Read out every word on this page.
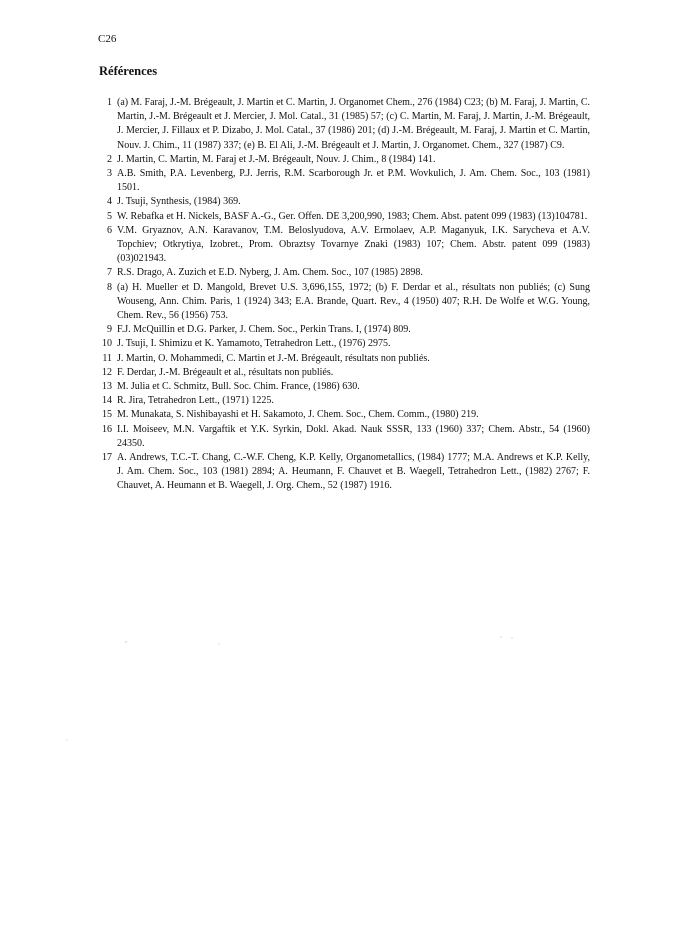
C26
Références
1 (a) M. Faraj, J.-M. Brégeault, J. Martin et C. Martin, J. Organomet Chem., 276 (1984) C23; (b) M. Faraj, J. Martin, C. Martin, J.-M. Brégeault et J. Mercier, J. Mol. Catal., 31 (1985) 57; (c) C. Martin, M. Faraj, J. Martin, J.-M. Brégeault, J. Mercier, J. Fillaux et P. Dizabo, J. Mol. Catal., 37 (1986) 201; (d) J.-M. Brégeault, M. Faraj, J. Martin et C. Martin, Nouv. J. Chim., 11 (1987) 337; (e) B. El Ali, J.-M. Brégeault et J. Martin, J. Organomet. Chem., 327 (1987) C9.
2 J. Martin, C. Martin, M. Faraj et J.-M. Brégeault, Nouv. J. Chim., 8 (1984) 141.
3 A.B. Smith, P.A. Levenberg, P.J. Jerris, R.M. Scarborough Jr. et P.M. Wovkulich, J. Am. Chem. Soc., 103 (1981) 1501.
4 J. Tsuji, Synthesis, (1984) 369.
5 W. Rebafka et H. Nickels, BASF A.-G., Ger. Offen. DE 3,200,990, 1983; Chem. Abst. patent 099 (1983) (13)104781.
6 V.M. Gryaznov, A.N. Karavanov, T.M. Beloslyudova, A.V. Ermolaev, A.P. Maganyuk, I.K. Sarycheva et A.V. Topchiev; Otkrytiya, Izobret., Prom. Obraztsy Tovarnye Znaki (1983) 107; Chem. Abstr. patent 099 (1983) (03)021943.
7 R.S. Drago, A. Zuzich et E.D. Nyberg, J. Am. Chem. Soc., 107 (1985) 2898.
8 (a) H. Mueller et D. Mangold, Brevet U.S. 3,696,155, 1972; (b) F. Derdar et al., résultats non publiés; (c) Sung Wouseng, Ann. Chim. Paris, 1 (1924) 343; E.A. Brande, Quart. Rev., 4 (1950) 407; R.H. De Wolfe et W.G. Young, Chem. Rev., 56 (1956) 753.
9 F.J. McQuillin et D.G. Parker, J. Chem. Soc., Perkin Trans. I, (1974) 809.
10 J. Tsuji, I. Shimizu et K. Yamamoto, Tetrahedron Lett., (1976) 2975.
11 J. Martin, O. Mohammedi, C. Martin et J.-M. Brégeault, résultats non publiés.
12 F. Derdar, J.-M. Brégeault et al., résultats non publiés.
13 M. Julia et C. Schmitz, Bull. Soc. Chim. France, (1986) 630.
14 R. Jira, Tetrahedron Lett., (1971) 1225.
15 M. Munakata, S. Nishibayashi et H. Sakamoto, J. Chem. Soc., Chem. Comm., (1980) 219.
16 I.I. Moiseev, M.N. Vargaftik et Y.K. Syrkin, Dokl. Akad. Nauk SSSR, 133 (1960) 337; Chem. Abstr., 54 (1960) 24350.
17 A. Andrews, T.C.-T. Chang, C.-W.F. Cheng, K.P. Kelly, Organometallics, (1984) 1777; M.A. Andrews et K.P. Kelly, J. Am. Chem. Soc., 103 (1981) 2894; A. Heumann, F. Chauvet et B. Waegell, Tetrahedron Lett., (1982) 2767; F. Chauvet, A. Heumann et B. Waegell, J. Org. Chem., 52 (1987) 1916.
